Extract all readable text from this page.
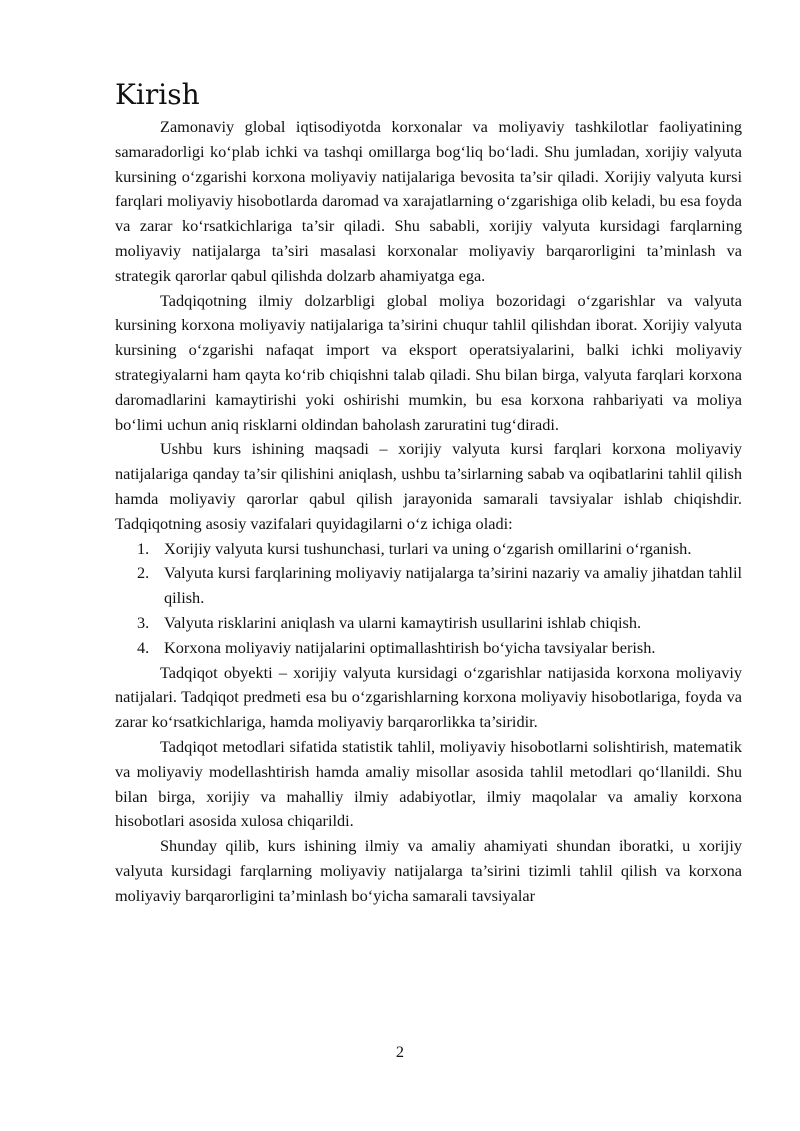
Kirish

Zamonaviy global iqtisodiyotda korxonalar va moliyaviy tashkilotlar faoliyatining samaradorligi ko‘plab ichki va tashqi omillarga bog‘liq bo‘ladi. Shu jumladan, xorijiy valyuta kursining o‘zgarishi korxona moliyaviy natijalariga bevosita ta’sir qiladi. Xorijiy valyuta kursi farqlari moliyaviy hisobotlarda daromad va xarajatlarning o‘zgarishiga olib keladi, bu esa foyda va zarar ko‘rsatkichlariga ta’sir qiladi. Shu sababli, xorijiy valyuta kursidagi farqlarning moliyaviy natijalarga ta’siri masalasi korxonalar moliyaviy barqarorligini ta’minlash va strategik qarorlar qabul qilishda dolzarb ahamiyatga ega.

Tadqiqotning ilmiy dolzarbligi global moliya bozoridagi o‘zgarishlar va valyuta kursining korxona moliyaviy natijalariga ta’sirini chuqur tahlil qilishdan iborat. Xorijiy valyuta kursining o‘zgarishi nafaqat import va eksport operatsiyalarini, balki ichki moliyaviy strategiyalarni ham qayta ko‘rib chiqishni talab qiladi. Shu bilan birga, valyuta farqlari korxona daromadlarini kamaytirishi yoki oshirishi mumkin, bu esa korxona rahbariyati va moliya bo‘limi uchun aniq risklarni oldindan baholash zaruratini tug‘diradi.

Ushbu kurs ishining maqsadi – xorijiy valyuta kursi farqlari korxona moliyaviy natijalariga qanday ta’sir qilishini aniqlash, ushbu ta’sirlarning sabab va oqibatlarini tahlil qilish hamda moliyaviy qarorlar qabul qilish jarayonida samarali tavsiyalar ishlab chiqishdir. Tadqiqotning asosiy vazifalari quyidagilarni o‘z ichiga oladi:

1. Xorijiy valyuta kursi tushunchasi, turlari va uning o‘zgarish omillarini o‘rganish.
2. Valyuta kursi farqlarining moliyaviy natijalarga ta’sirini nazariy va amaliy jihatdan tahlil qilish.
3. Valyuta risklarini aniqlash va ularni kamaytirish usullarini ishlab chiqish.
4. Korxona moliyaviy natijalarini optimallashtirish bo‘yicha tavsiyalar berish.

Tadqiqot obyekti – xorijiy valyuta kursidagi o‘zgarishlar natijasida korxona moliyaviy natijalari. Tadqiqot predmeti esa bu o‘zgarishlarning korxona moliyaviy hisobotlariga, foyda va zarar ko‘rsatkichlariga, hamda moliyaviy barqarorlikka ta’siridir.

Tadqiqot metodlari sifatida statistik tahlil, moliyaviy hisobotlarni solishtirish, matematik va moliyaviy modellashtirish hamda amaliy misollar asosida tahlil metodlari qo‘llanildi. Shu bilan birga, xorijiy va mahalliy ilmiy adabiyotlar, ilmiy maqolalar va amaliy korxona hisobotlari asosida xulosa chiqarildi.

Shunday qilib, kurs ishining ilmiy va amaliy ahamiyati shundan iboratki, u xorijiy valyuta kursidagi farqlarning moliyaviy natijalarga ta’sirini tizimli tahlil qilish va korxona moliyaviy barqarorligini ta’minlash bo‘yicha samarali tavsiyalar

2
